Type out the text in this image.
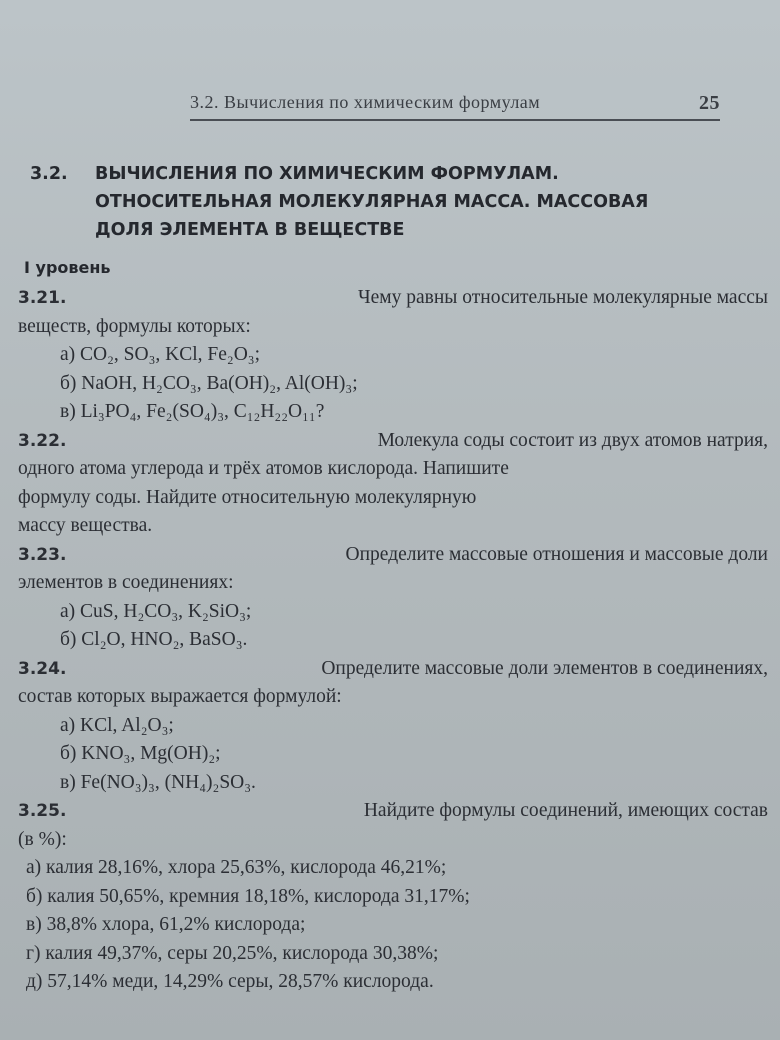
3.2. Вычисления по химическим формулам	25
3.2. ВЫЧИСЛЕНИЯ ПО ХИМИЧЕСКИМ ФОРМУЛАМ.
ОТНОСИТЕЛЬНАЯ МОЛЕКУЛЯРНАЯ МАССА. МАССОВАЯ
ДОЛЯ ЭЛЕМЕНТА В ВЕЩЕСТВЕ
I уровень
3.21.	Чему равны относительные молекулярные массы
веществ, формулы которых:
а) CO₂, SO₃, KCl, Fe₂O₃;
б) NaOH, H₂CO₃, Ba(OH)₂, Al(OH)₃;
в) Li₃PO₄, Fe₂(SO₄)₃, C₁₂H₂₂O₁₁?
3.22.	Молекула соды состоит из двух атомов натрия,
одного атома углерода и трёх атомов кислорода. Напишите
формулу соды. Найдите относительную молекулярную
массу вещества.
3.23.	Определите массовые отношения и массовые доли
элементов в соединениях:
а) CuS, H₂CO₃, K₂SiO₃;
б) Cl₂O, HNO₂, BaSO₃.
3.24.	Определите массовые доли элементов в соединениях,
состав которых выражается формулой:
а) KCl, Al₂O₃;
б) KNO₃, Mg(OH)₂;
в) Fe(NO₃)₃, (NH₄)₂SO₃.
3.25.	Найдите формулы соединений, имеющих состав
(в %):
а) калия 28,16%, хлора 25,63%, кислорода 46,21%;
б) калия 50,65%, кремния 18,18%, кислорода 31,17%;
в) 38,8% хлора, 61,2% кислорода;
г) калия 49,37%, серы 20,25%, кислорода 30,38%;
д) 57,14% меди, 14,29% серы, 28,57% кислорода.
